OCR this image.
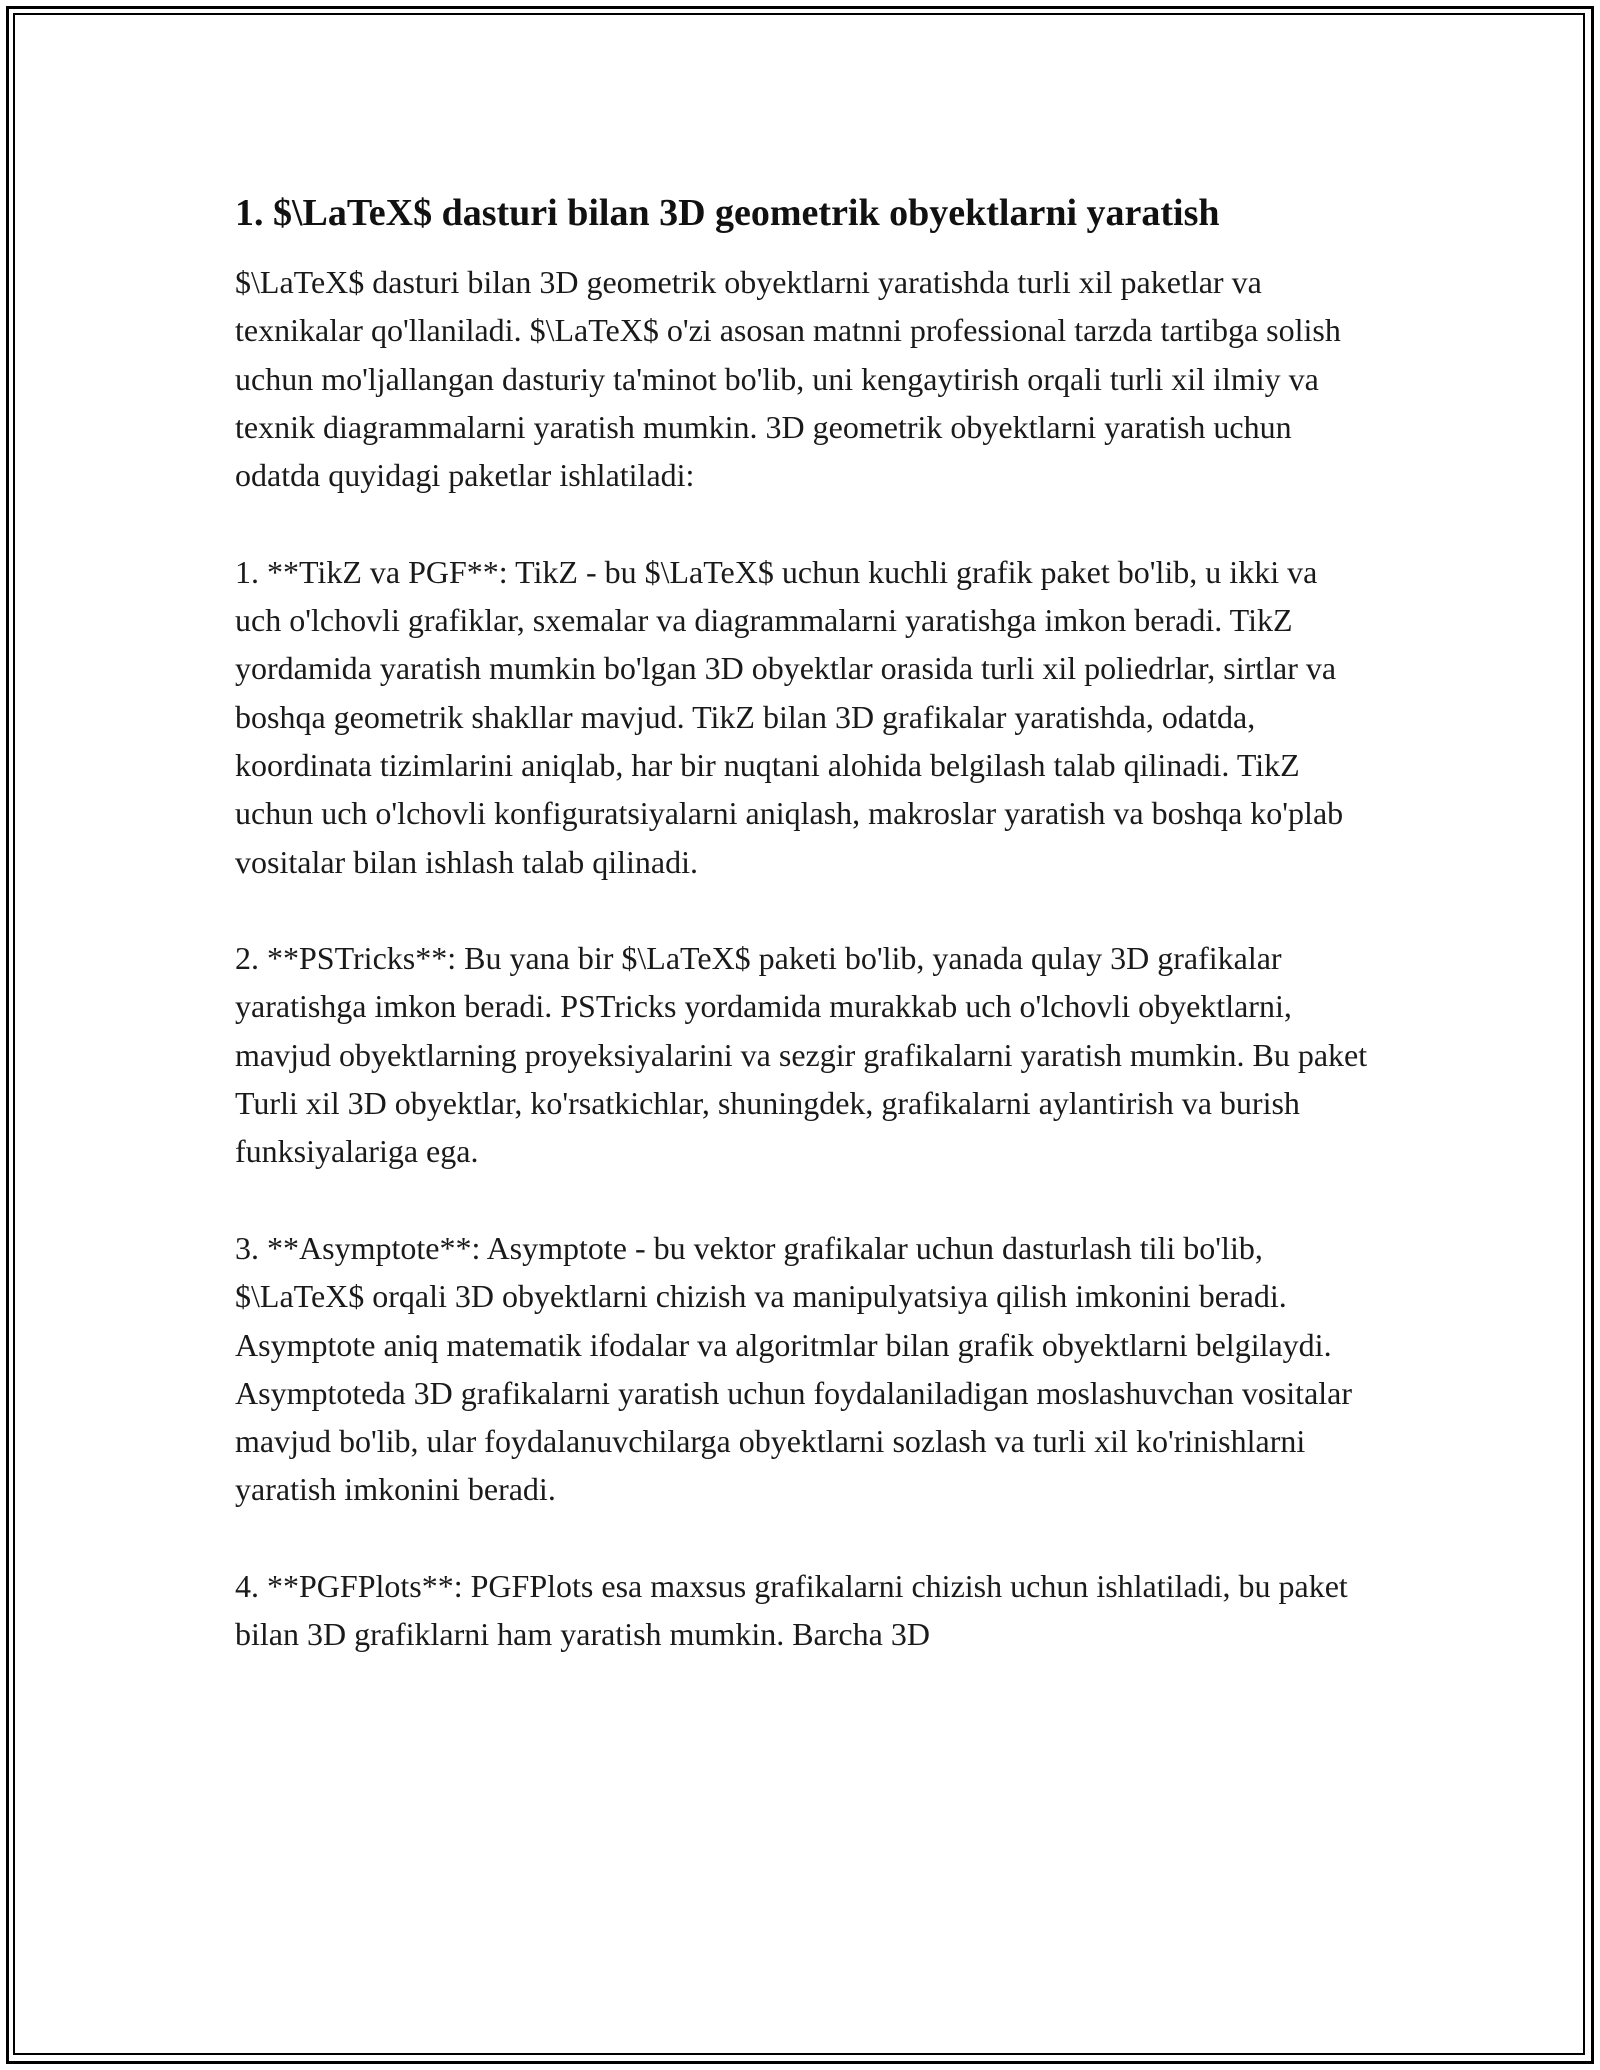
1. $\LaTeX$ dasturi bilan 3D geometrik obyektlarni yaratish

$\LaTeX$ dasturi bilan 3D geometrik obyektlarni yaratishda turli xil paketlar va texnikalar qo'llaniladi. $\LaTeX$ o'zi asosan matnni professional tarzda tartibga solish uchun mo'ljallangan dasturiy ta'minot bo'lib, uni kengaytirish orqali turli xil ilmiy va texnik diagrammalarni yaratish mumkin. 3D geometrik obyektlarni yaratish uchun odatda quyidagi paketlar ishlatiladi:

1. **TikZ va PGF**: TikZ - bu $\LaTeX$ uchun kuchli grafik paket bo'lib, u ikki va uch o'lchovli grafiklar, sxemalar va diagrammalarni yaratishga imkon beradi. TikZ yordamida yaratish mumkin bo'lgan 3D obyektlar orasida turli xil poliedrlar, sirtlar va boshqa geometrik shakllar mavjud. TikZ bilan 3D grafikalar yaratishda, odatda, koordinata tizimlarini aniqlab, har bir nuqtani alohida belgilash talab qilinadi. TikZ uchun uch o'lchovli konfiguratsiyalarni aniqlash, makroslar yaratish va boshqa ko'plab vositalar bilan ishlash talab qilinadi.

2. **PSTricks**: Bu yana bir $\LaTeX$ paketi bo'lib, yanada qulay 3D grafikalar yaratishga imkon beradi. PSTricks yordamida murakkab uch o'lchovli obyektlarni, mavjud obyektlarning proyeksiyalarini va sezgir grafikalarni yaratish mumkin. Bu paket Turli xil 3D obyektlar, ko'rsatkichlar, shuningdek, grafikalarni aylantirish va burish funksiyalariga ega.

3. **Asymptote**: Asymptote - bu vektor grafikalar uchun dasturlash tili bo'lib, $\LaTeX$ orqali 3D obyektlarni chizish va manipulyatsiya qilish imkonini beradi. Asymptote aniq matematik ifodalar va algoritmlar bilan grafik obyektlarni belgilaydi. Asymptoteda 3D grafikalarni yaratish uchun foydalaniladigan moslashuvchan vositalar mavjud bo'lib, ular foydalanuvchilarga obyektlarni sozlash va turli xil ko'rinishlarni yaratish imkonini beradi.

4. **PGFPlots**: PGFPlots esa maxsus grafikalarni chizish uchun ishlatiladi, bu paket bilan 3D grafiklarni ham yaratish mumkin. Barcha 3D
